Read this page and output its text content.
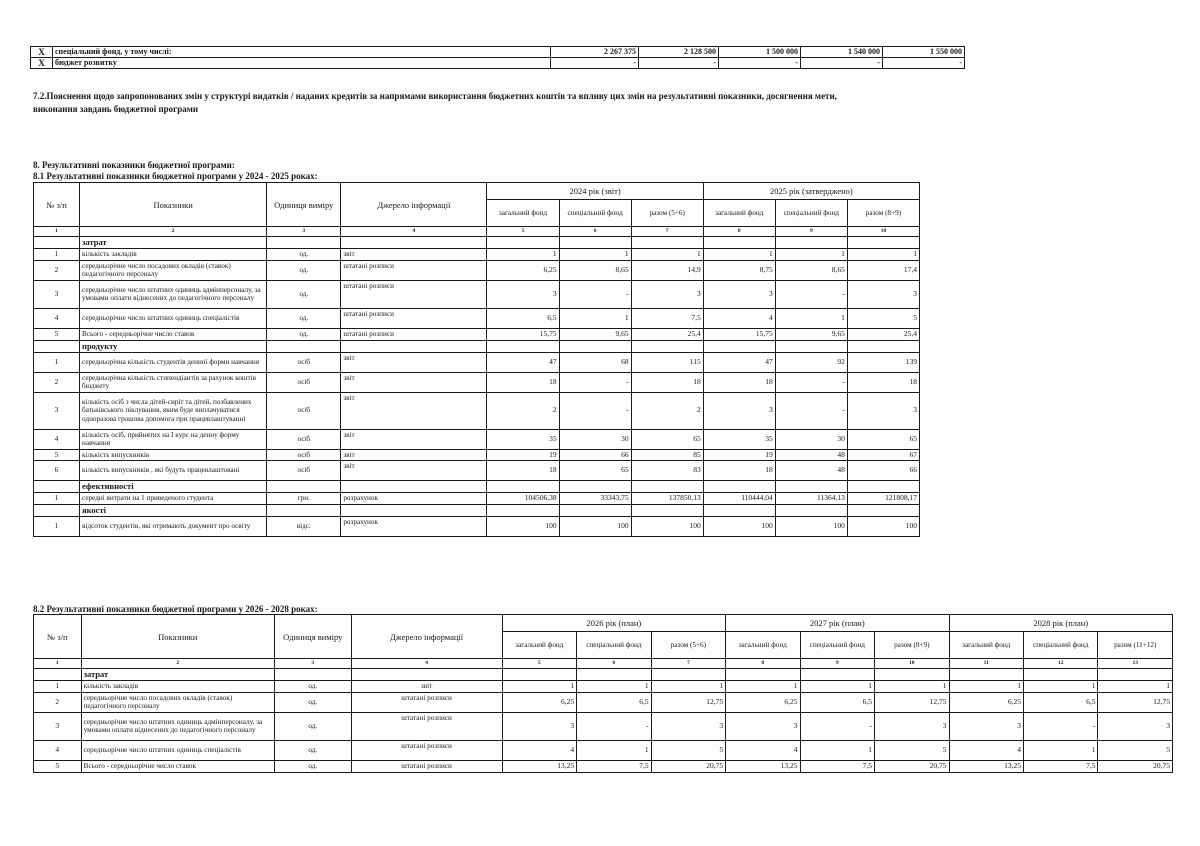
X	спеціальний фонд, у тому числі:	2 267 375	2 128 500	1 500 000	1 540 000	1 550 000
X	бюджет розвитку	-	-	-	-	-
7.2.Пояснення щодо запропонованих змін у структурі видатків / наданих кредитів за напрямами використання бюджетних коштів та впливу цих змін на результативні показники, досягнення мети,
виконання завдань бюджетної програми
8. Результативні показники бюджетної програми:
8.1 Результативні показники бюджетної програми у 2024 - 2025 роках:
№ з/п	Показники	Одиниця виміру	Джерело інформації	2024 рік (звіт)			2025 рік (затверджено)		
				загальний фонд	спеціальний фонд	разом (5+6)	загальний фонд	спеціальний фонд	разом (8+9)
1	2	3	4	5	6	7	8	9	10
	затрат								
1	кількість закладів	од.	звіт	1	1	1	1	1	1
2	середньорічне число посадових окладів (ставок) педагогічного персоналу	од.	штатані розписи	6,25	8,65	14,9	8,75	8,65	17,4
3	середньорічне число штатних одиниць адмінперсоналу, за умовами оплати віднесених до педагогічного персоналу	од.	штатані розписи	3	-	3	3	-	3
4	середньорічне число штатних одиниць спеціалістів	од.	штатані розписи	6,5	1	7,5	4	1	5
5	Всього - середньорічне число ставок	од.	штатані розписи	15,75	9,65	25,4	15,75	9,65	25,4
	продукту								
1	середньорічна кількість студентів денної форми навчання	осіб	звіт	47	68	115	47	92	139
2	середньорічна кількість стипендіантів за рахунок коштів бюджету	осіб	звіт	18	-	18	18	-	18
3	кількість осіб з числа дітей-сиріт та дітей, позбавлених батьківського піклування, яким буде виплачуватися одноразова грошова допомога при працевлаштуванні	осіб	звіт	2	-	2	3	-	3
4	кількість осіб, прийнятих на I курс на денну форму навчання	осіб	звіт	35	30	65	35	30	65
5	кількість випускників	осіб	звіт	19	66	85	19	48	67
6	кількість випускників , які будуть працевлаштовані	осіб	звіт	18	65	83	18	48	66
	ефективності								
1	середні витрати на 1 приведеного студента	грн.	розрахунок	104506,38	33343,75	137850,13	110444,04	11364,13	121808,17
	якості								
1	відсоток студентів, які отримають документ про освіту	відс.	розрахунок	100	100	100	100	100	100
8.2 Результативні показники бюджетної програми у 2026 - 2028 роках:
№ з/п	Показники	Одиниця виміру	Джерело інформації	2026 рік (план)			2027 рік (план)			2028 рік (план)		
				загальний фонд	спеціальний фонд	разом (5+6)	загальний фонд	спеціальний фонд	разом (8+9)	загальний фонд	спеціальний фонд	разом (11+12)
1	2	3	4	5	6	7	8	9	10	11	12	13
	затрат											
1	кількість закладів	од.	звіт	1	1	1	1	1	1	1	1	1
2	середньорічне число посадових окладів (ставок) педагогічного персоналу	од.	штатані розписи	6,25	6,5	12,75	6,25	6,5	12,75	6,25	6,5	12,75
3	середньорічне число штатних одиниць адмінперсоналу, за умовами оплати віднесених до педагогічного персоналу	од.	штатані розписи	3	-	3	3	-	3	3	-	3
4	середньорічне число штатних одиниць спеціалістів	од.	штатані розписи	4	1	5	4	1	5	4	1	5
5	Всього - середньорічне число ставок	од.	штатані розписи	13,25	7,5	20,75	13,25	7,5	20,75	13,25	7,5	20,75
